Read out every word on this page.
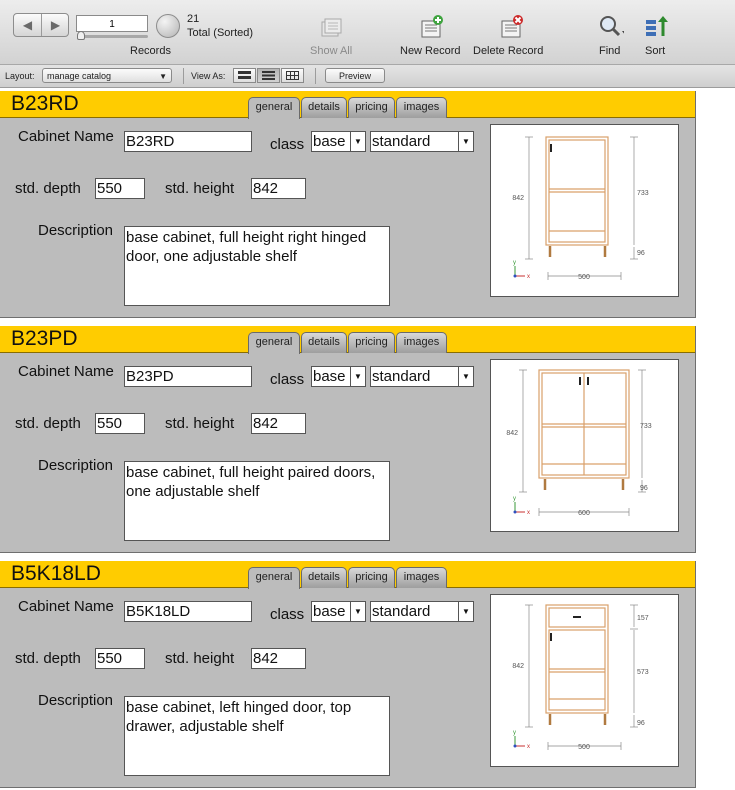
◀	▶	1	21
Total (Sorted)
Records	Show All	New Record Delete Record	Find Sort
Layout:	manage catalog	▼	View As:	Preview
B23RD	general	details	pricing	images
Cabinet Name B23RD	class base	▼ standard	▼
std. depth 550	std. height 842
Description base cabinet, full height right hinged door, one adjustable shelf
842
733
96
500
y
x
B23PD	general	details	pricing	images
Cabinet Name B23PD	class base	▼ standard	▼
std. depth 550	std. height 842
Description base cabinet, full height paired doors, one adjustable shelf
842
733
96
600
y
x
B5K18LD	general	details	pricing	images
Cabinet Name B5K18LD	class base	▼ standard	▼
std. depth 550	std. height 842
Description base cabinet, left hinged door, top drawer, adjustable shelf
842
157
573
96
500
y
x
